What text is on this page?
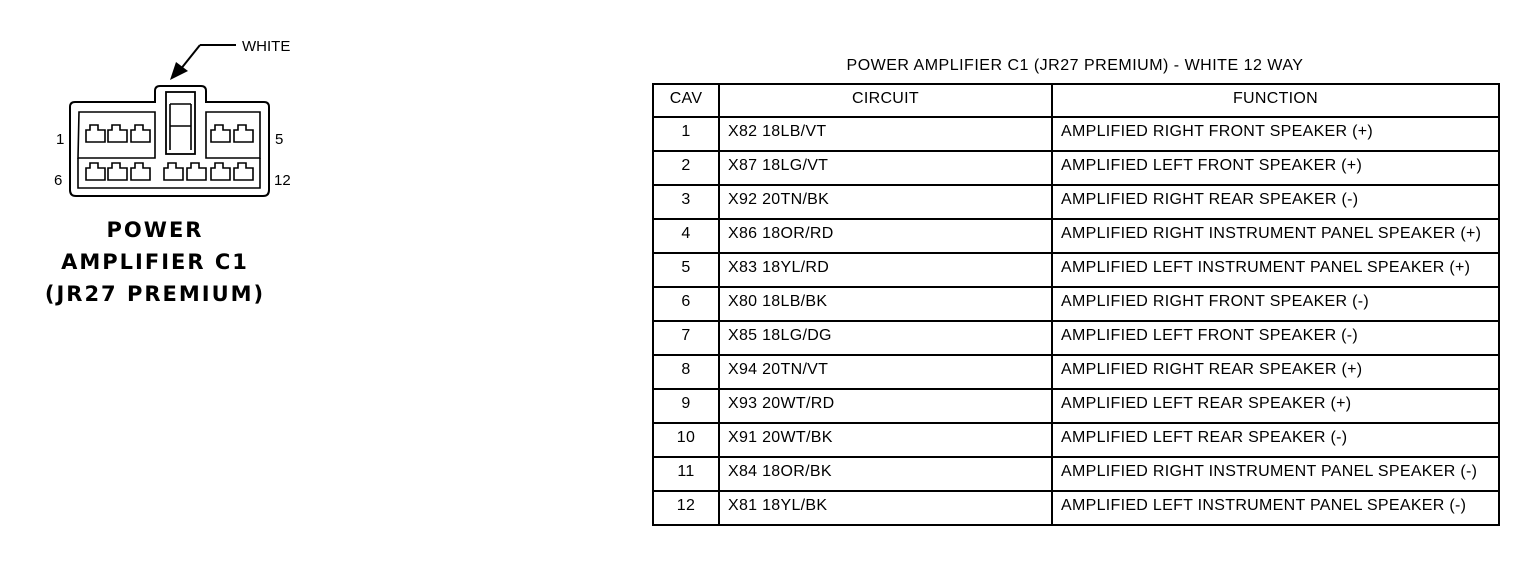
WHITE
1	5
6	12
POWER
AMPLIFIER C1
(JR27 PREMIUM)
POWER AMPLIFIER C1 (JR27 PREMIUM) - WHITE 12 WAY
CAV	CIRCUIT	FUNCTION
1	X82 18LB/VT	AMPLIFIED RIGHT FRONT SPEAKER (+)
2	X87 18LG/VT	AMPLIFIED LEFT FRONT SPEAKER (+)
3	X92 20TN/BK	AMPLIFIED RIGHT REAR SPEAKER (-)
4	X86 18OR/RD	AMPLIFIED RIGHT INSTRUMENT PANEL SPEAKER (+)
5	X83 18YL/RD	AMPLIFIED LEFT INSTRUMENT PANEL SPEAKER (+)
6	X80 18LB/BK	AMPLIFIED RIGHT FRONT SPEAKER (-)
7	X85 18LG/DG	AMPLIFIED LEFT FRONT SPEAKER (-)
8	X94 20TN/VT	AMPLIFIED RIGHT REAR SPEAKER (+)
9	X93 20WT/RD	AMPLIFIED LEFT REAR SPEAKER (+)
10	X91 20WT/BK	AMPLIFIED LEFT REAR SPEAKER (-)
11	X84 18OR/BK	AMPLIFIED RIGHT INSTRUMENT PANEL SPEAKER (-)
12	X81 18YL/BK	AMPLIFIED LEFT INSTRUMENT PANEL SPEAKER (-)
